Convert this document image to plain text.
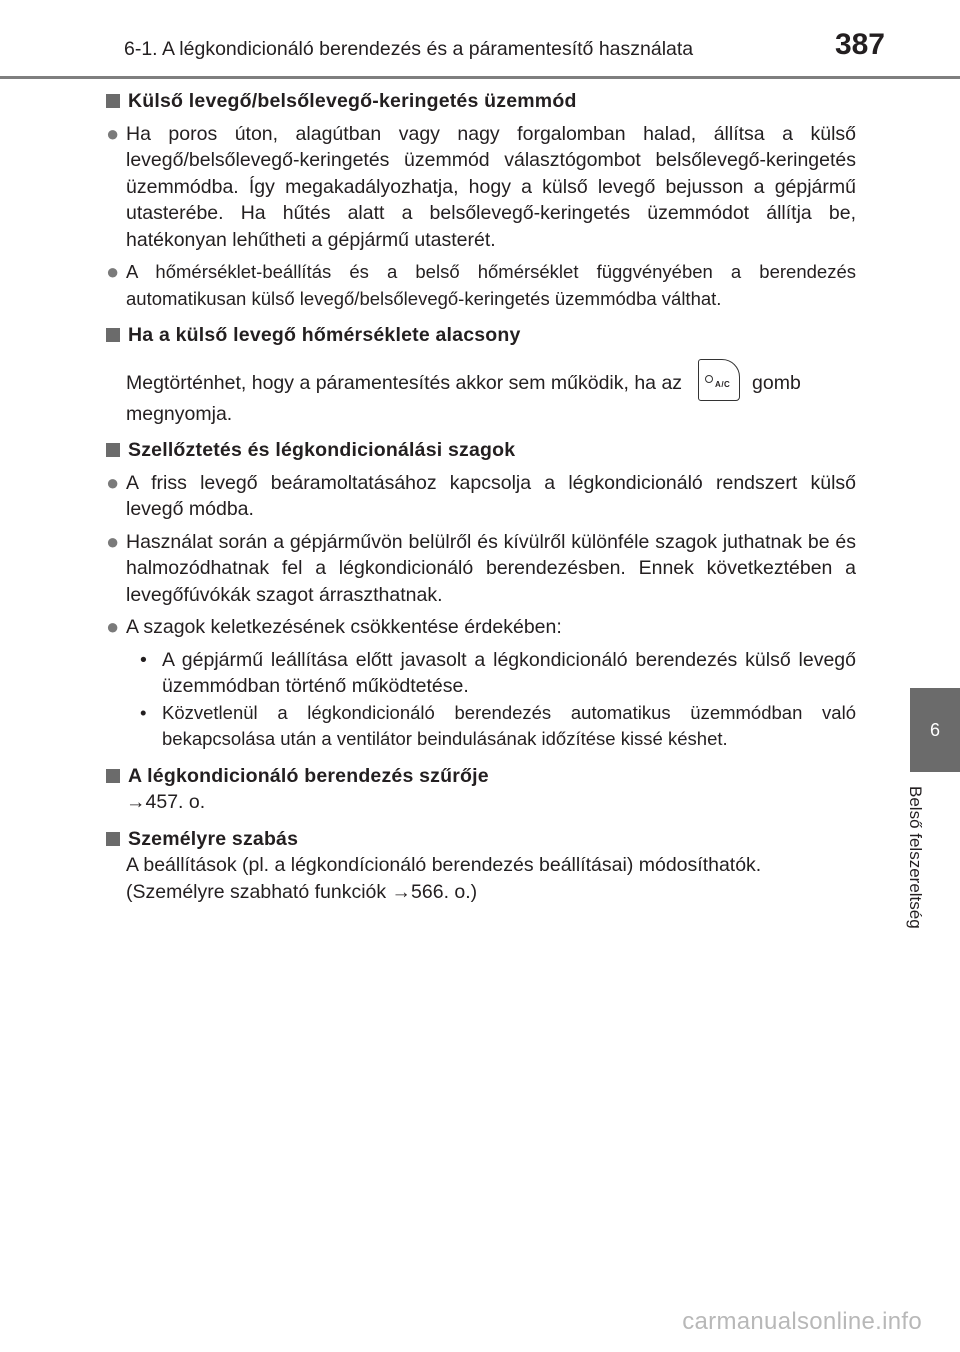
6-1. A légkondicionáló berendezés és a páramentesítő használata	387
6
Belső felszereltség

Külső levegő/belsőlevegő-keringetés üzemmód

● Ha poros úton, alagútban vagy nagy forgalomban halad, állítsa a külső levegő/belsőlevegő-keringetés üzemmód választógombot belsőlevegő-keringetés üzemmódba. Így megakadályozhatja, hogy a külső levegő bejusson a gépjármű utasterébe. Ha hűtés alatt a belsőlevegő-keringetés üzemmódot állítja be, hatékonyan lehűtheti a gépjármű utasterét.
● A hőmérséklet-beállítás és a belső hőmérséklet függvényében a berendezés automatikusan külső levegő/belsőlevegő-keringetés üzemmódba válthat.

Ha a külső levegő hőmérséklete alacsony

Megtörténhet, hogy a páramentesítés akkor sem működik, ha az	A/C gomb megnyomja.

Szellőztetés és légkondicionálási szagok

● A friss levegő beáramoltatásához kapcsolja a légkondicionáló rendszert külső levegő módba.
● Használat során a gépjárművön belülről és kívülről különféle szagok juthatnak be és halmozódhatnak fel a légkondicionáló berendezésben. Ennek következtében a levegőfúvókák szagot árraszthatnak.
● A szagok keletkezésének csökkentése érdekében:
• A gépjármű leállítása előtt javasolt a légkondicionáló berendezés külső levegő üzemmódban történő működtetése.
• Közvetlenül a légkondicionáló berendezés automatikus üzemmódban való bekapcsolása után a ventilátor beindulásának időzítése kissé késhet.

A légkondicionáló berendezés szűrője

→457. o.

Személyre szabás

A beállítások (pl. a légkondícionáló berendezés beállításai) módosíthatók. (Személyre szabható funkciók →566. o.)
carmanualsonline.info
